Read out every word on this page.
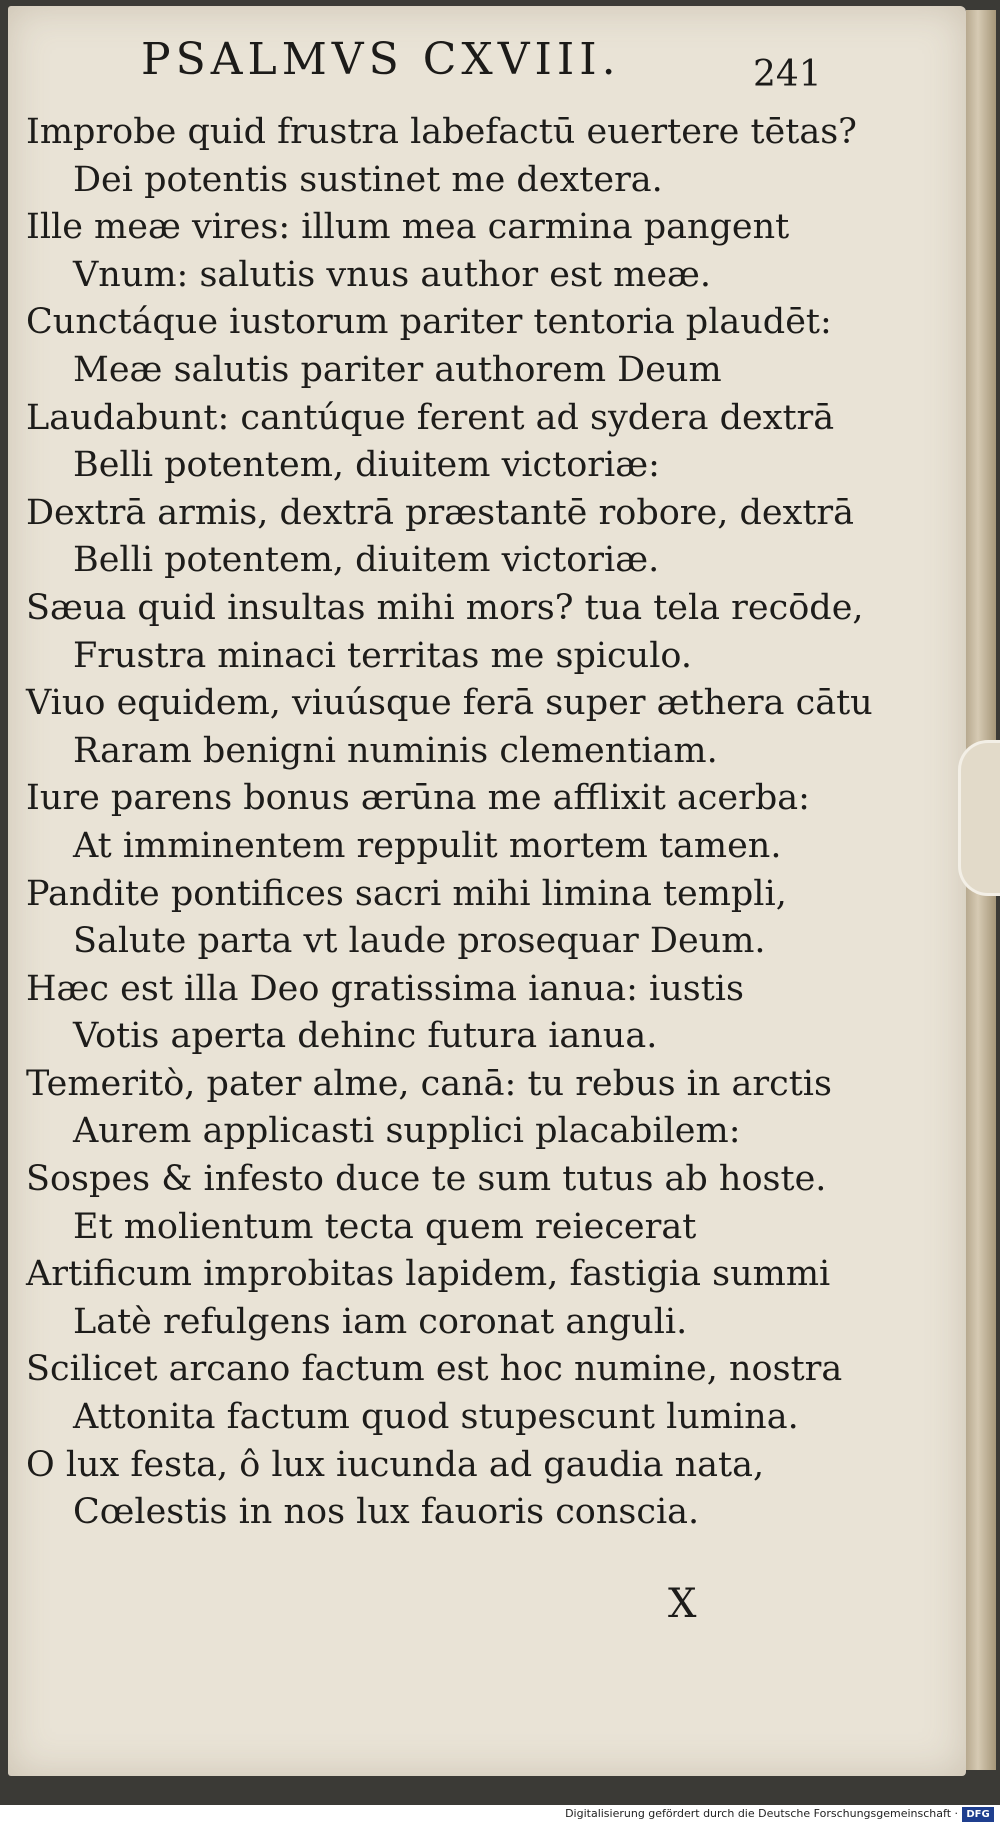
PSALMVS CXVIII.	241
Improbe quid frustra labefactū euertere tētas?
Dei potentis sustinet me dextera.
Ille meæ vires: illum mea carmina pangent
Vnum: salutis vnus author est meæ.
Cunctáque iustorum pariter tentoria plaudēt:
Meæ salutis pariter authorem Deum
Laudabunt: cantúque ferent ad sydera dextrā
Belli potentem, diuitem victoriæ:
Dextrā armis, dextrā præstantē robore, dextrā
Belli potentem, diuitem victoriæ.
Sæua quid insultas mihi mors? tua tela recōde,
Frustra minaci territas me spiculo.
Viuo equidem, viuúsque ferā super æthera cātu
Raram benigni numinis clementiam.
Iure parens bonus ærūna me afflixit acerba:
At imminentem reppulit mortem tamen.
Pandite pontifices sacri mihi limina templi,
Salute parta vt laude prosequar Deum.
Hæc est illa Deo gratissima ianua: iustis
Votis aperta dehinc futura ianua.
Temeritò, pater alme, canā: tu rebus in arctis
Aurem applicasti supplici placabilem:
Sospes & infesto duce te sum tutus ab hoste.
Et molientum tecta quem reiecerat
Artificum improbitas lapidem, fastigia summi
Latè refulgens iam coronat anguli.
Scilicet arcano factum est hoc numine, nostra
Attonita factum quod stupescunt lumina.
O lux festa, ô lux iucunda ad gaudia nata,
Cœlestis in nos lux fauoris conscia.
X
Digitalisierung gefördert durch die Deutsche Forschungsgemeinschaft · DFG
